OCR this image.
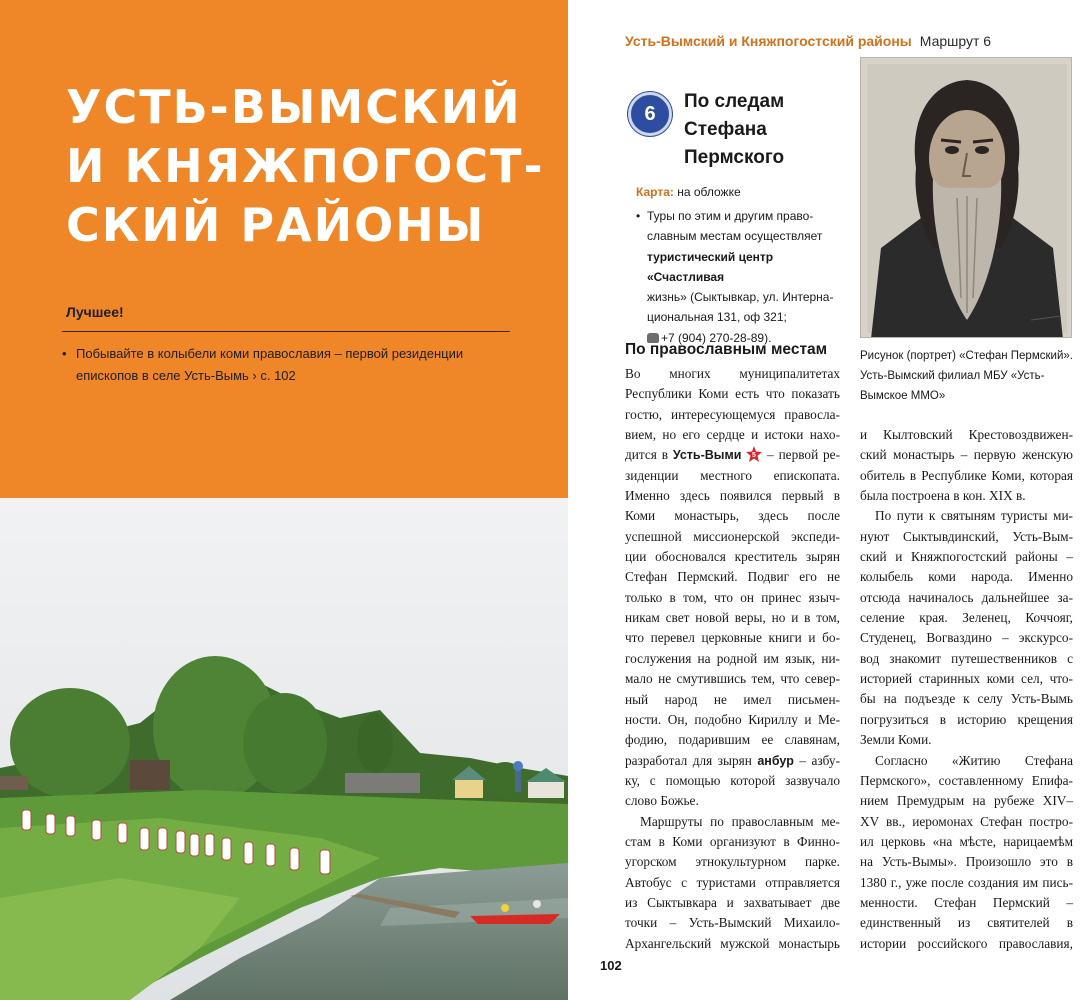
УСТЬ-ВЫМСКИЙ
И КНЯЖПОГОСТ-
СКИЙ РАЙОНЫ
Лучшее!
• Побывайте в колыбели коми православия – первой резиденции епископов в селе Усть-Вымь › с. 102
Усть-Вымский и Княжпогостский районы Маршрут 6
6
По следам Стефана Пермского
Карта: на обложке
• Туры по этим и другим право-
славным местам осуществляет
туристический центр «Счастливая
жизнь» (Сыктывкар, ул. Интерна-
циональная 131, оф 321;
+7 (904) 270-28-89).
Рисунок (портрет) «Стефан Пермский». Усть-Вымский филиал МБУ «Усть-Вымское ММО»
По православным местам
Во многих муниципалитетах
Республики Коми есть что показать
гостю, интересующемуся правосла-
вием, но его сердце и истоки нахо-
дится в Усть-Выми 5 – первой ре-
зиденции местного епископата.
Именно здесь появился первый в
Коми монастырь, здесь после
успешной миссионерской экспеди-
ции обосновался креститель зырян
Стефан Пермский. Подвиг его не
только в том, что он принес языч-
никам свет новой веры, но и в том,
что перевел церковные книги и бо-
гослужения на родной им язык, ни-
мало не смутившись тем, что север-
ный народ не имел письмен-
ности. Он, подобно Кириллу и Ме-
фодию, подарившим ее славянам,
разработал для зырян анбур – азбу-
ку, с помощью которой зазвучало
слово Божье.
Маршруты по православным ме-
стам в Коми организуют в Финно-
угорском этнокультурном парке.
Автобус с туристами отправляется
из Сыктывкара и захватывает две
точки – Усть-Вымский Михаило-
Архангельский мужской монастырь
и Кылтовский Крестовоздвижен-
ский монастырь – первую женскую
обитель в Республике Коми, которая
была построена в кон. XIX в.
По пути к святыням туристы ми-
нуют Сыктывдинский, Усть-Вым-
ский и Княжпогостский районы –
колыбель коми народа. Именно
отсюда начиналось дальнейшее за-
селение края. Зеленец, Коччояг,
Студенец, Вогваздино – экскурсо-
вод знакомит путешественников с
историей старинных коми сел, что-
бы на подъезде к селу Усть-Вымь
погрузиться в историю крещения
Земли Коми.
Согласно «Житию Стефана
Пермского», составленному Епифа-
нием Премудрым на рубеже XIV–
XV вв., иеромонах Стефан постро-
ил церковь «на мѣсте, нарицаемѣм
на Усть-Вымы». Произошло это в
1380 г., уже после создания им пись-
менности. Стефан Пермский –
единственный из святителей в
истории российского православия,
102
